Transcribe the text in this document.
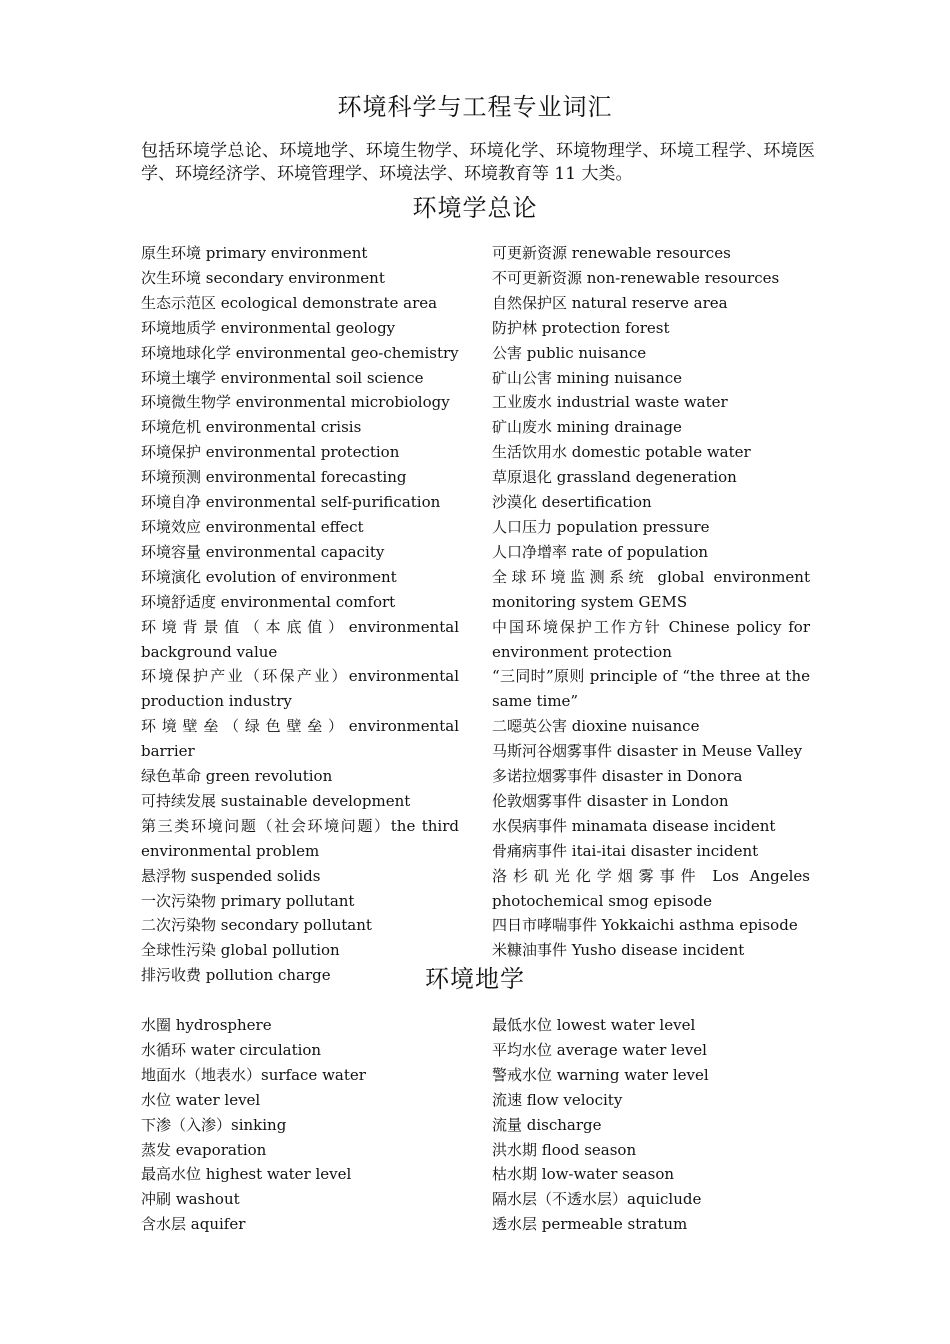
环境科学与工程专业词汇
包括环境学总论、环境地学、环境生物学、环境化学、环境物理学、环境工程学、环境医学、环境经济学、环境管理学、环境法学、环境教育等 11 大类。
环境学总论
原生环境 primary environment
次生环境 secondary environment
生态示范区 ecological demonstrate area
环境地质学 environmental geology
环境地球化学 environmental geo-chemistry
环境土壤学 environmental soil science
环境微生物学 environmental microbiology
环境危机 environmental crisis
环境保护 environmental protection
环境预测 environmental forecasting
环境自净 environmental self-purification
环境效应 environmental effect
环境容量 environmental capacity
环境演化 evolution of environment
环境舒适度 environmental comfort
环境背景值（本底值）environmental background value
环境保护产业（环保产业）environmental production industry
环境壁垒（绿色壁垒）environmental barrier
绿色革命 green revolution
可持续发展 sustainable development
第三类环境问题（社会环境问题）the third environmental problem
悬浮物 suspended solids
一次污染物 primary pollutant
二次污染物 secondary pollutant
全球性污染 global pollution
排污收费 pollution charge
可更新资源 renewable resources
不可更新资源 non-renewable resources
自然保护区 natural reserve area
防护林 protection forest
公害 public nuisance
矿山公害 mining nuisance
工业废水 industrial waste water
矿山废水 mining drainage
生活饮用水 domestic potable water
草原退化 grassland degeneration
沙漠化 desertification
人口压力 population pressure
人口净增率 rate of population
全球环境监测系统 global environment monitoring system GEMS
中国环境保护工作方针 Chinese policy for environment protection
“三同时”原则 principle of “the three at the same time”
二噁英公害 dioxine nuisance
马斯河谷烟雾事件 disaster in Meuse Valley
多诺拉烟雾事件 disaster in Donora
伦敦烟雾事件 disaster in London
水俣病事件 minamata disease incident
骨痛病事件 itai-itai disaster incident
洛杉矶光化学烟雾事件 Los Angeles photochemical smog episode
四日市哮喘事件 Yokkaichi asthma episode
米糠油事件 Yusho disease incident
环境地学
水圈 hydrosphere
水循环 water circulation
地面水（地表水）surface water
水位 water level
下渗（入渗）sinking
蒸发 evaporation
最高水位 highest water level
冲刷 washout
含水层 aquifer
最低水位 lowest water level
平均水位 average water level
警戒水位 warning water level
流速 flow velocity
流量 discharge
洪水期 flood season
枯水期 low-water season
隔水层（不透水层）aquiclude
透水层 permeable stratum
